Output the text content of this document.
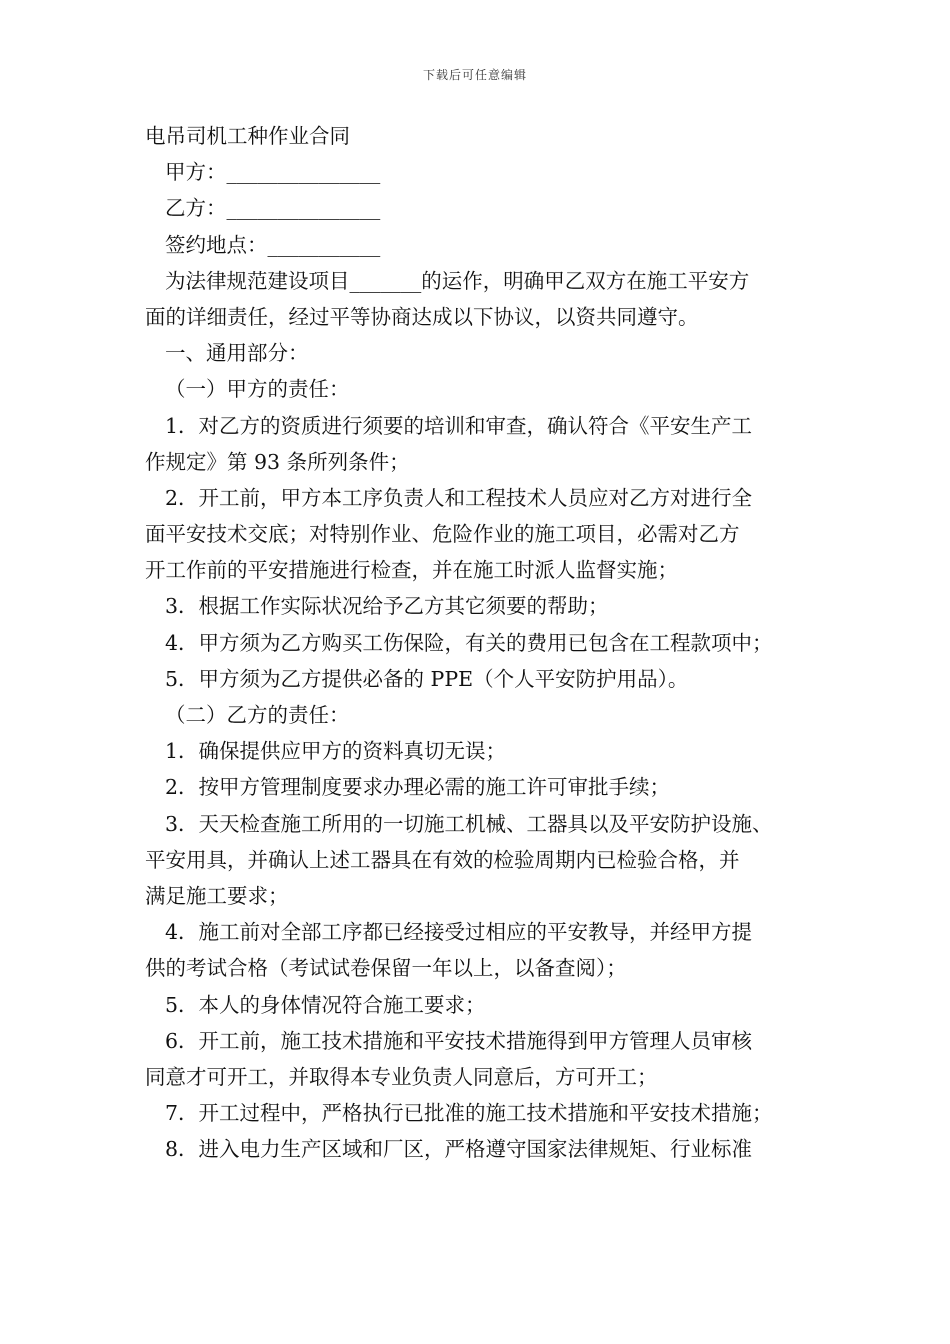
下载后可任意编辑
电吊司机工种作业合同
甲方：_______________
乙方：_______________
签约地点：___________
为法律规范建设项目_______的运作，明确甲乙双方在施工平安方
面的详细责任，经过平等协商达成以下协议，以资共同遵守。
一、通用部分：
（一）甲方的责任：
1．对乙方的资质进行须要的培训和审查，确认符合《平安生产工
作规定》第 93 条所列条件；
2．开工前，甲方本工序负责人和工程技术人员应对乙方对进行全
面平安技术交底；对特别作业、危险作业的施工项目，必需对乙方
开工作前的平安措施进行检查，并在施工时派人监督实施；
3．根据工作实际状况给予乙方其它须要的帮助；
4．甲方须为乙方购买工伤保险，有关的费用已包含在工程款项中；
5．甲方须为乙方提供必备的 PPE（个人平安防护用品）。
（二）乙方的责任：
1．确保提供应甲方的资料真切无误；
2．按甲方管理制度要求办理必需的施工许可审批手续；
3．天天检查施工所用的一切施工机械、工器具以及平安防护设施、
平安用具，并确认上述工器具在有效的检验周期内已检验合格，并
满足施工要求；
4．施工前对全部工序都已经接受过相应的平安教导，并经甲方提
供的考试合格（考试试卷保留一年以上，以备查阅）；
5．本人的身体情况符合施工要求；
6．开工前，施工技术措施和平安技术措施得到甲方管理人员审核
同意才可开工，并取得本专业负责人同意后，方可开工；
7．开工过程中，严格执行已批准的施工技术措施和平安技术措施；
8．进入电力生产区域和厂区，严格遵守国家法律规矩、行业标准
